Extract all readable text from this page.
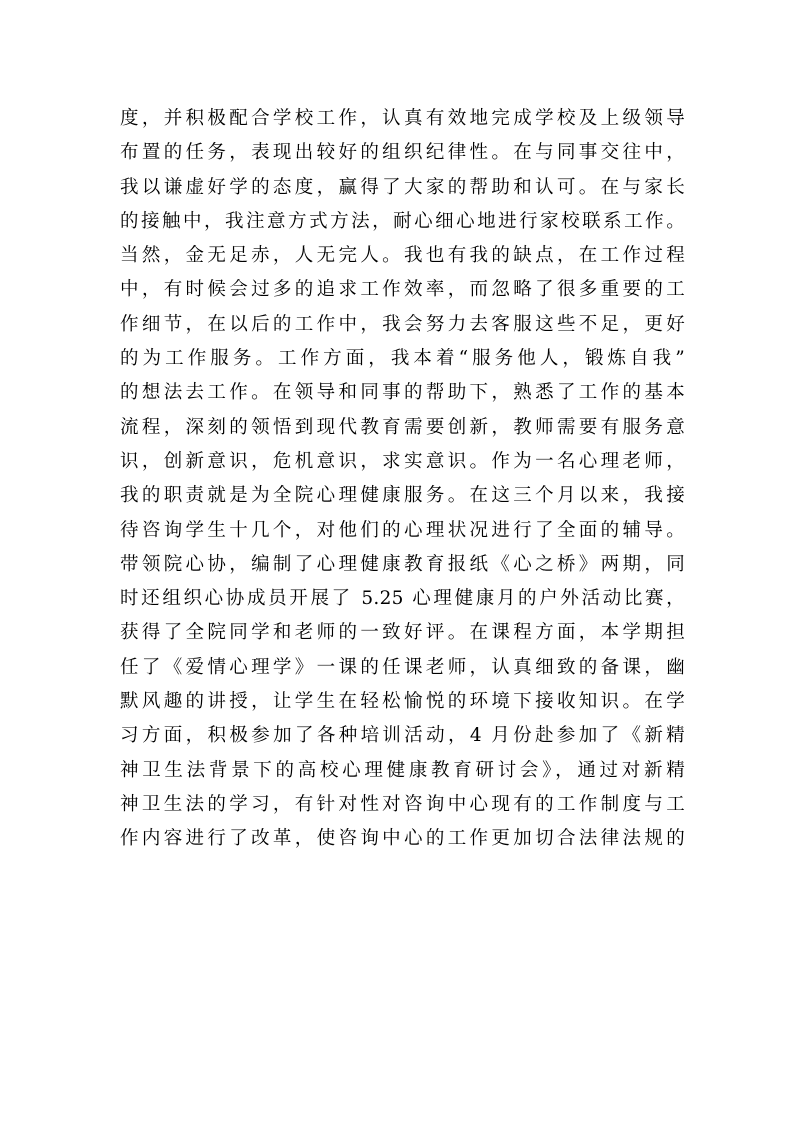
度，并积极配合学校工作，认真有效地完成学校及上级领导
布置的任务，表现出较好的组织纪律性。在与同事交往中，
我以谦虚好学的态度，赢得了大家的帮助和认可。在与家长
的接触中，我注意方式方法，耐心细心地进行家校联系工作。
当然，金无足赤，人无完人。我也有我的缺点，在工作过程
中，有时候会过多的追求工作效率，而忽略了很多重要的工
作细节，在以后的工作中，我会努力去客服这些不足，更好
的为工作服务。工作方面，我本着“服务他人，锻炼自我”
的想法去工作。在领导和同事的帮助下，熟悉了工作的基本
流程，深刻的领悟到现代教育需要创新，教师需要有服务意
识，创新意识，危机意识，求实意识。作为一名心理老师，
我的职责就是为全院心理健康服务。在这三个月以来，我接
待咨询学生十几个，对他们的心理状况进行了全面的辅导。
带领院心协，编制了心理健康教育报纸《心之桥》两期，同
时还组织心协成员开展了 5.25 心理健康月的户外活动比赛，
获得了全院同学和老师的一致好评。在课程方面，本学期担
任了《爱情心理学》一课的任课老师，认真细致的备课，幽
默风趣的讲授，让学生在轻松愉悦的环境下接收知识。在学
习方面，积极参加了各种培训活动，4 月份赴参加了《新精
神卫生法背景下的高校心理健康教育研讨会》，通过对新精
神卫生法的学习，有针对性对咨询中心现有的工作制度与工
作内容进行了改革，使咨询中心的工作更加切合法律法规的
